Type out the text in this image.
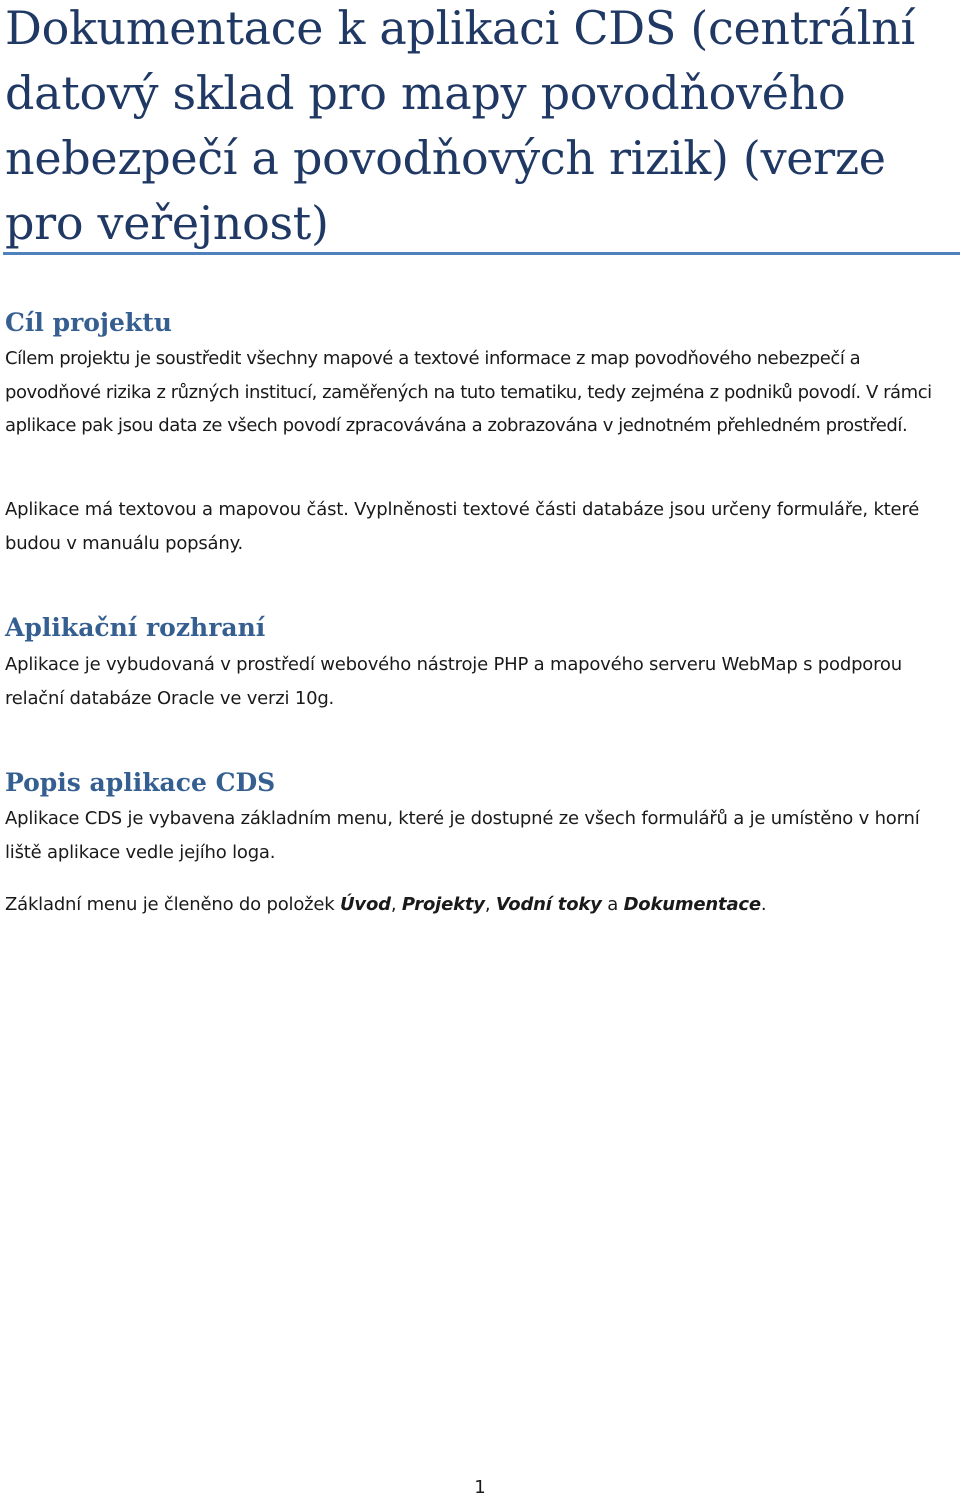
Dokumentace k aplikaci CDS (centrální datový sklad pro mapy povodňového nebezpečí a povodňových rizik) (verze pro veřejnost)
Cíl projektu

Cílem projektu je soustředit všechny mapové a textové informace z map povodňového nebezpečí a povodňové rizika z různých institucí, zaměřených na tuto tematiku, tedy zejména z podniků povodí. V rámci aplikace pak jsou data ze všech povodí zpracovávána a zobrazována v jednotném přehledném prostředí.

Aplikace má textovou a mapovou část. Vyplněnosti textové části databáze jsou určeny formuláře, které budou v manuálu popsány.

Aplikační rozhraní

Aplikace je vybudovaná v prostředí webového nástroje PHP a mapového serveru WebMap s podporou relační databáze Oracle ve verzi 10g.

Popis aplikace CDS

Aplikace CDS je vybavena základním menu, které je dostupné ze všech formulářů a je umístěno v horní liště aplikace vedle jejího loga.

Základní menu je členěno do položek Úvod, Projekty, Vodní toky a Dokumentace.

1
